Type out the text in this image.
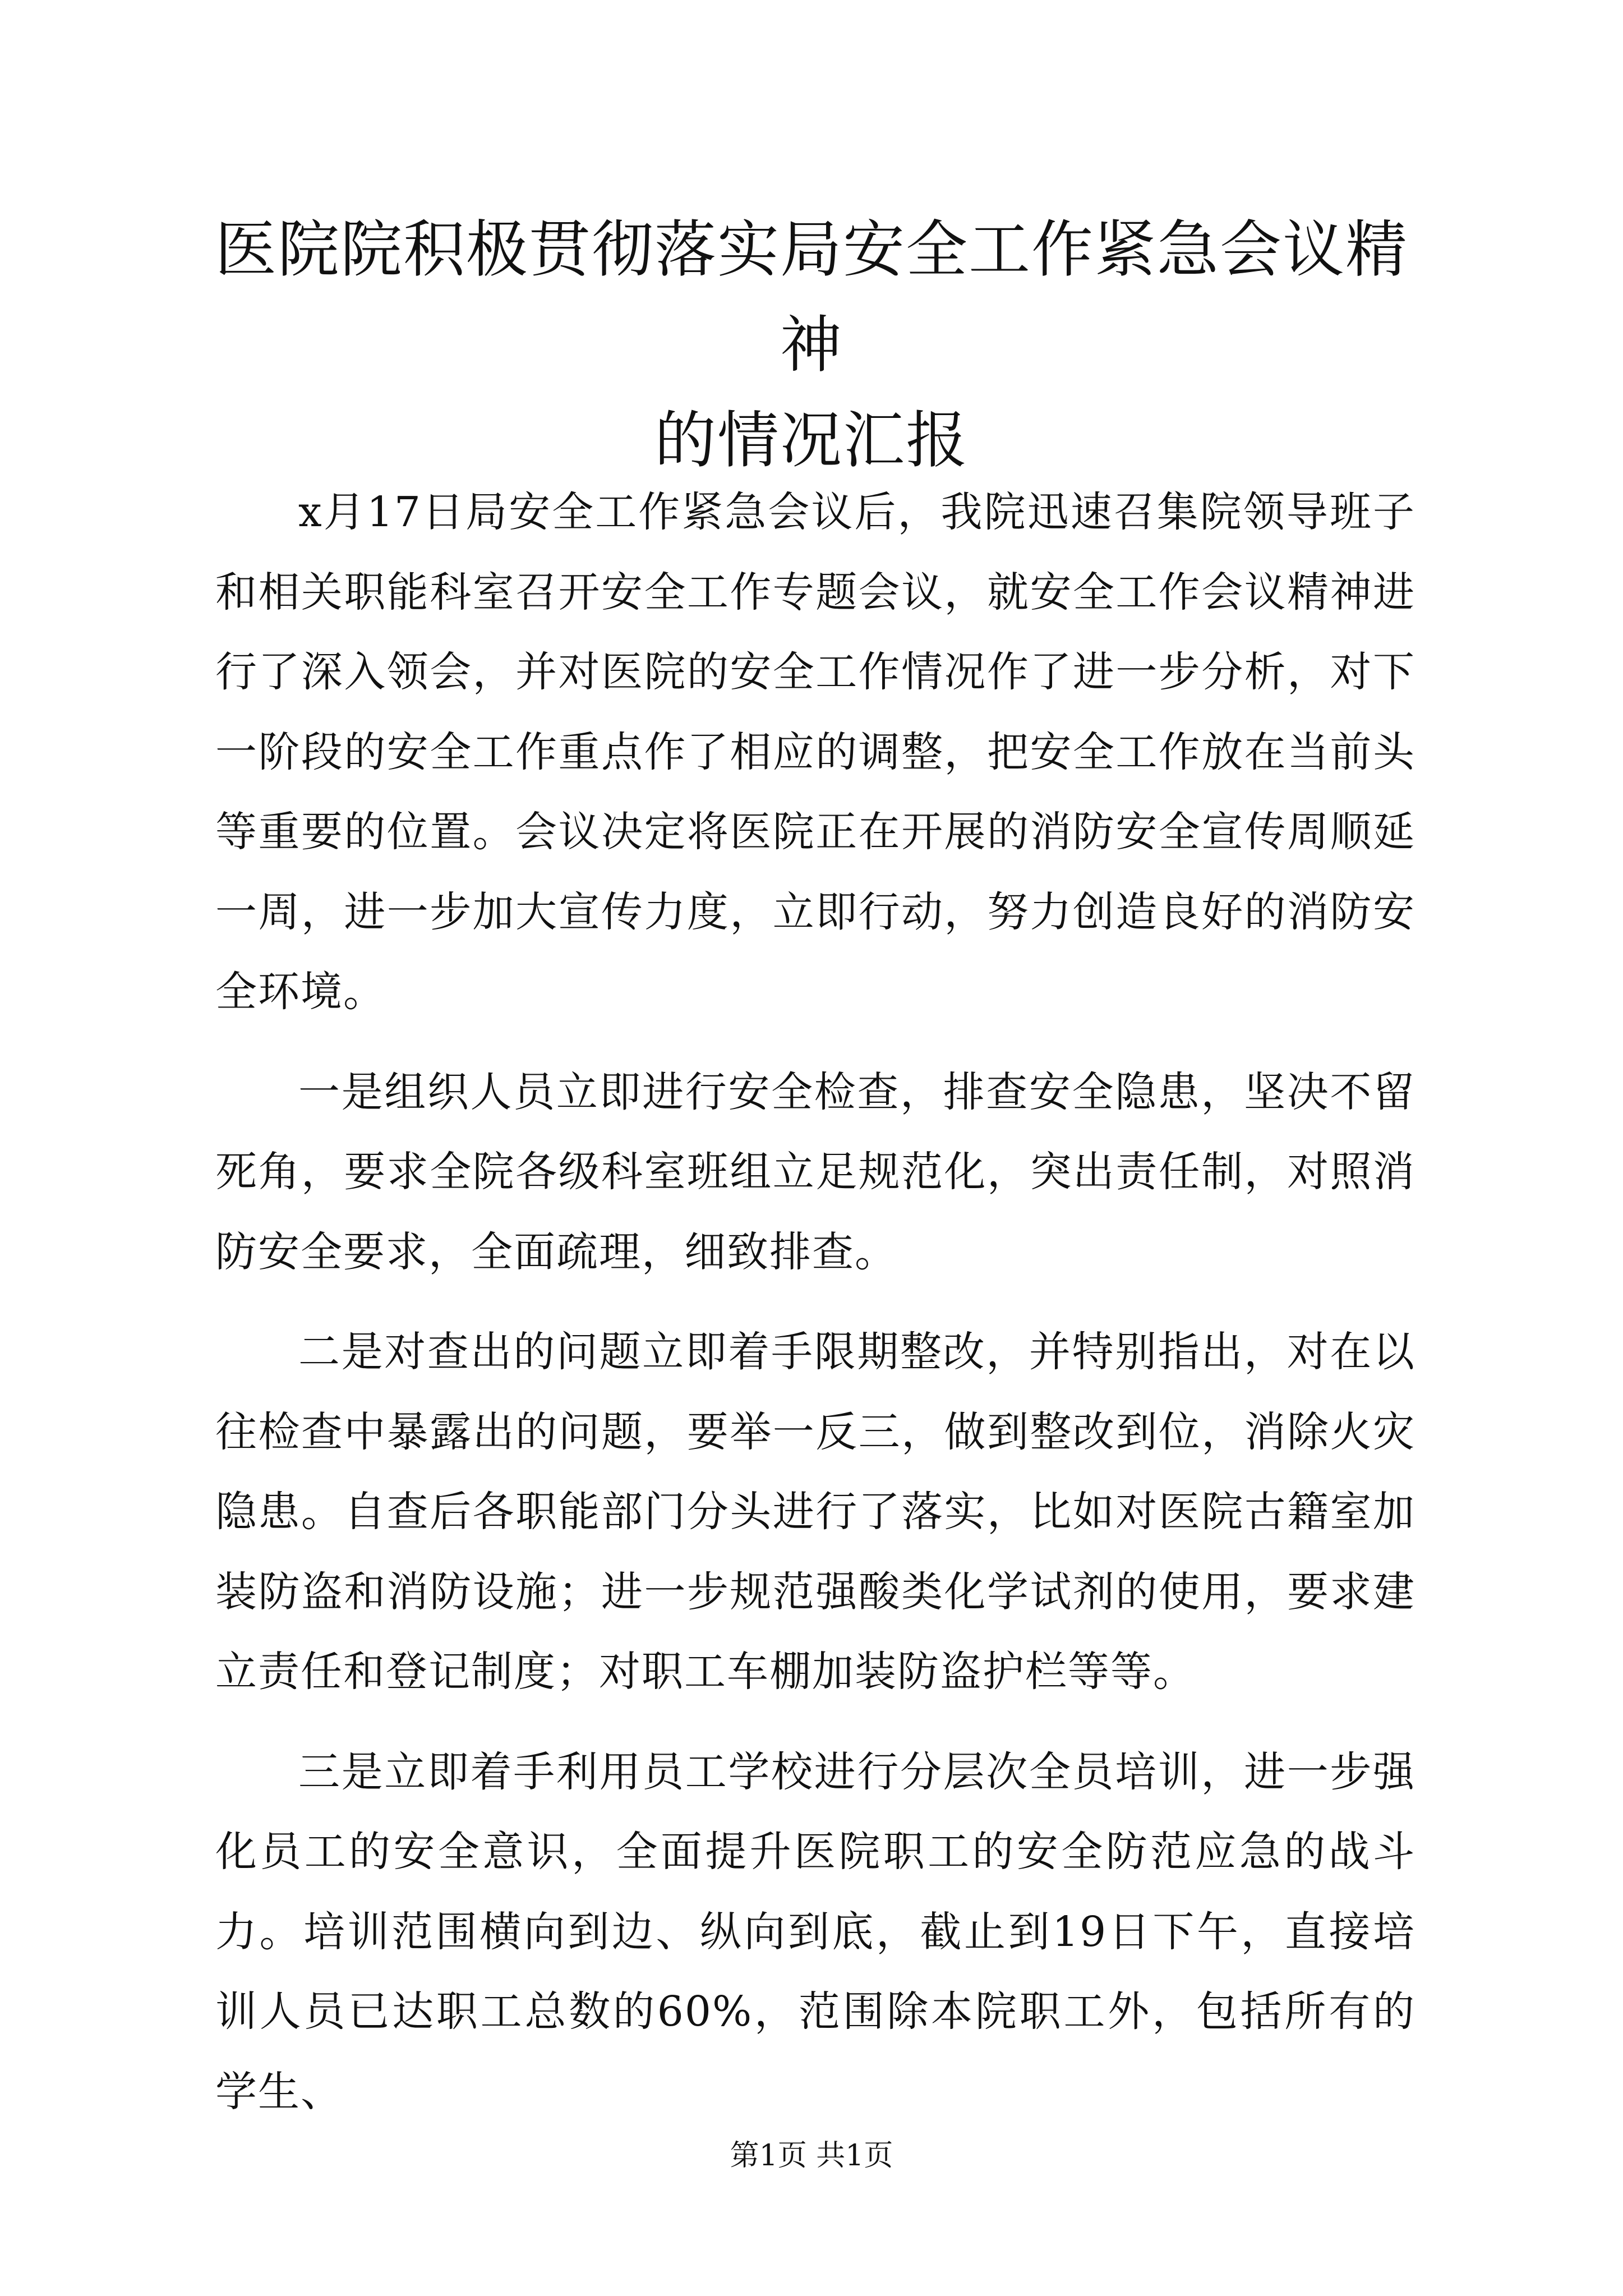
医院院积极贯彻落实局安全工作紧急会议精神
的情况汇报

x月17日局安全工作紧急会议后，我院迅速召集院领导班子和相关职能科室召开安全工作专题会议，就安全工作会议精神进行了深入领会，并对医院的安全工作情况作了进一步分析，对下一阶段的安全工作重点作了相应的调整，把安全工作放在当前头等重要的位置。会议决定将医院正在开展的消防安全宣传周顺延一周，进一步加大宣传力度，立即行动，努力创造良好的消防安全环境。

一是组织人员立即进行安全检查，排查安全隐患，坚决不留死角，要求全院各级科室班组立足规范化，突出责任制，对照消防安全要求，全面疏理，细致排查。

二是对查出的问题立即着手限期整改，并特别指出，对在以往检查中暴露出的问题，要举一反三，做到整改到位，消除火灾隐患。自查后各职能部门分头进行了落实，比如对医院古籍室加装防盗和消防设施；进一步规范强酸类化学试剂的使用，要求建立责任和登记制度；对职工车棚加装防盗护栏等等。

三是立即着手利用员工学校进行分层次全员培训，进一步强化员工的安全意识，全面提升医院职工的安全防范应急的战斗力。培训范围横向到边、纵向到底，截止到19日下午，直接培训人员已达职工总数的60%，范围除本院职工外，包括所有的学生、

第1页 共1页
